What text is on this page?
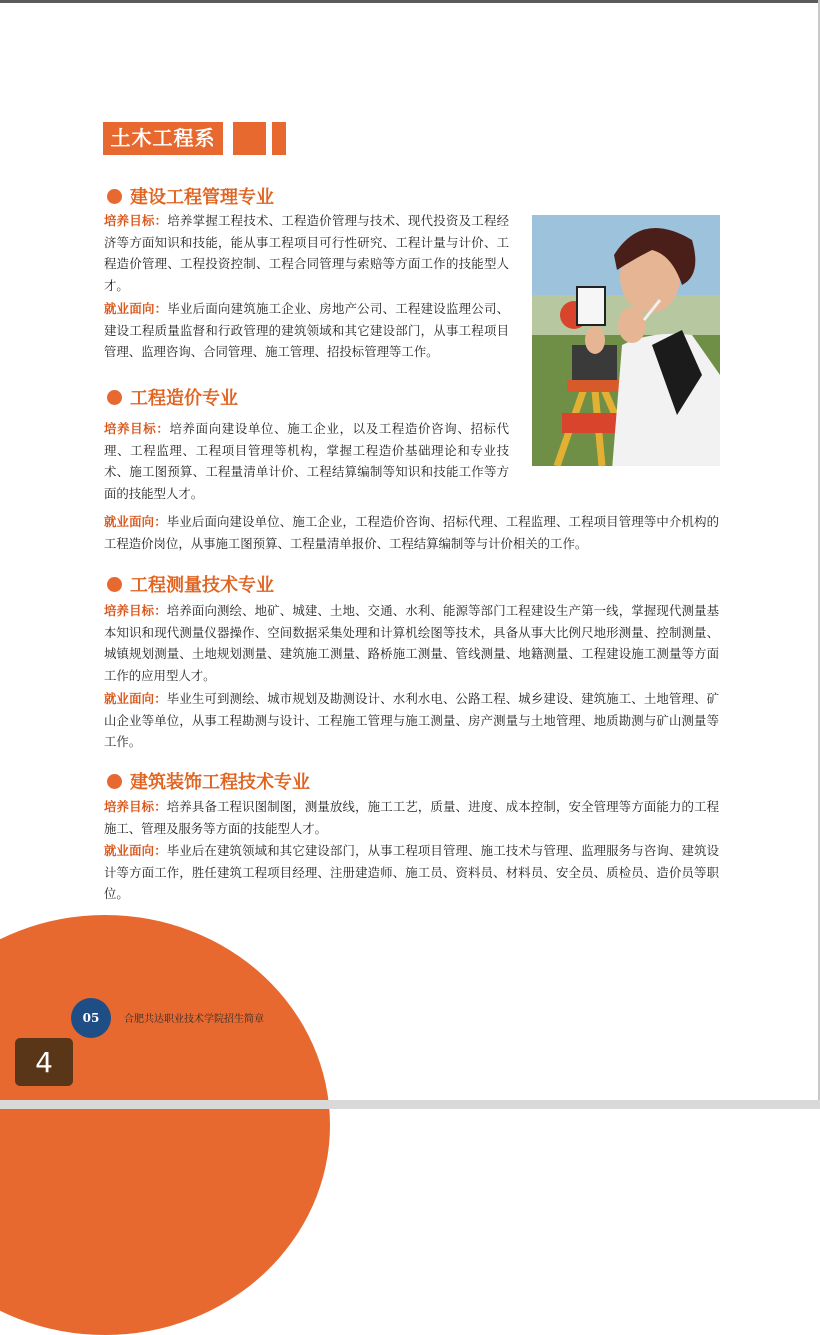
土木工程系
建设工程管理专业
培养目标：培养掌握工程技术、工程造价管理与技术、现代投资及工程经济等方面知识和技能，能从事工程项目可行性研究、工程计量与计价、工程造价管理、工程投资控制、工程合同管理与索赔等方面工作的技能型人才。
就业面向：毕业后面向建筑施工企业、房地产公司、工程建设监理公司、建设工程质量监督和行政管理的建筑领域和其它建设部门，从事工程项目管理、监理咨询、合同管理、施工管理、招投标管理等工作。
工程造价专业
培养目标：培养面向建设单位、施工企业，以及工程造价咨询、招标代理、工程监理、工程项目管理等机构，掌握工程造价基础理论和专业技术、施工图预算、工程量清单计价、工程结算编制等知识和技能工作等方面的技能型人才。
就业面向：毕业后面向建设单位、施工企业，工程造价咨询、招标代理、工程监理、工程项目管理等中介机构的工程造价岗位，从事施工图预算、工程量清单报价、工程结算编制等与计价相关的工作。
工程测量技术专业
培养目标：培养面向测绘、地矿、城建、土地、交通、水利、能源等部门工程建设生产第一线，掌握现代测量基本知识和现代测量仪器操作、空间数据采集处理和计算机绘图等技术，具备从事大比例尺地形测量、控制测量、城镇规划测量、土地规划测量、建筑施工测量、路桥施工测量、管线测量、地籍测量、工程建设施工测量等方面工作的应用型人才。
就业面向：毕业生可到测绘、城市规划及勘测设计、水利水电、公路工程、城乡建设、建筑施工、土地管理、矿山企业等单位，从事工程勘测与设计、工程施工管理与施工测量、房产测量与土地管理、地质勘测与矿山测量等工作。
建筑装饰工程技术专业
培养目标：培养具备工程识图制图，测量放线，施工工艺，质量、进度、成本控制，安全管理等方面能力的工程施工、管理及服务等方面的技能型人才。
就业面向：毕业后在建筑领域和其它建设部门，从事工程项目管理、施工技术与管理、监理服务与咨询、建筑设计等方面工作，胜任建筑工程项目经理、注册建造师、施工员、资料员、材料员、安全员、质检员、造价员等职位。
05	合肥共达职业技术学院招生简章
4
